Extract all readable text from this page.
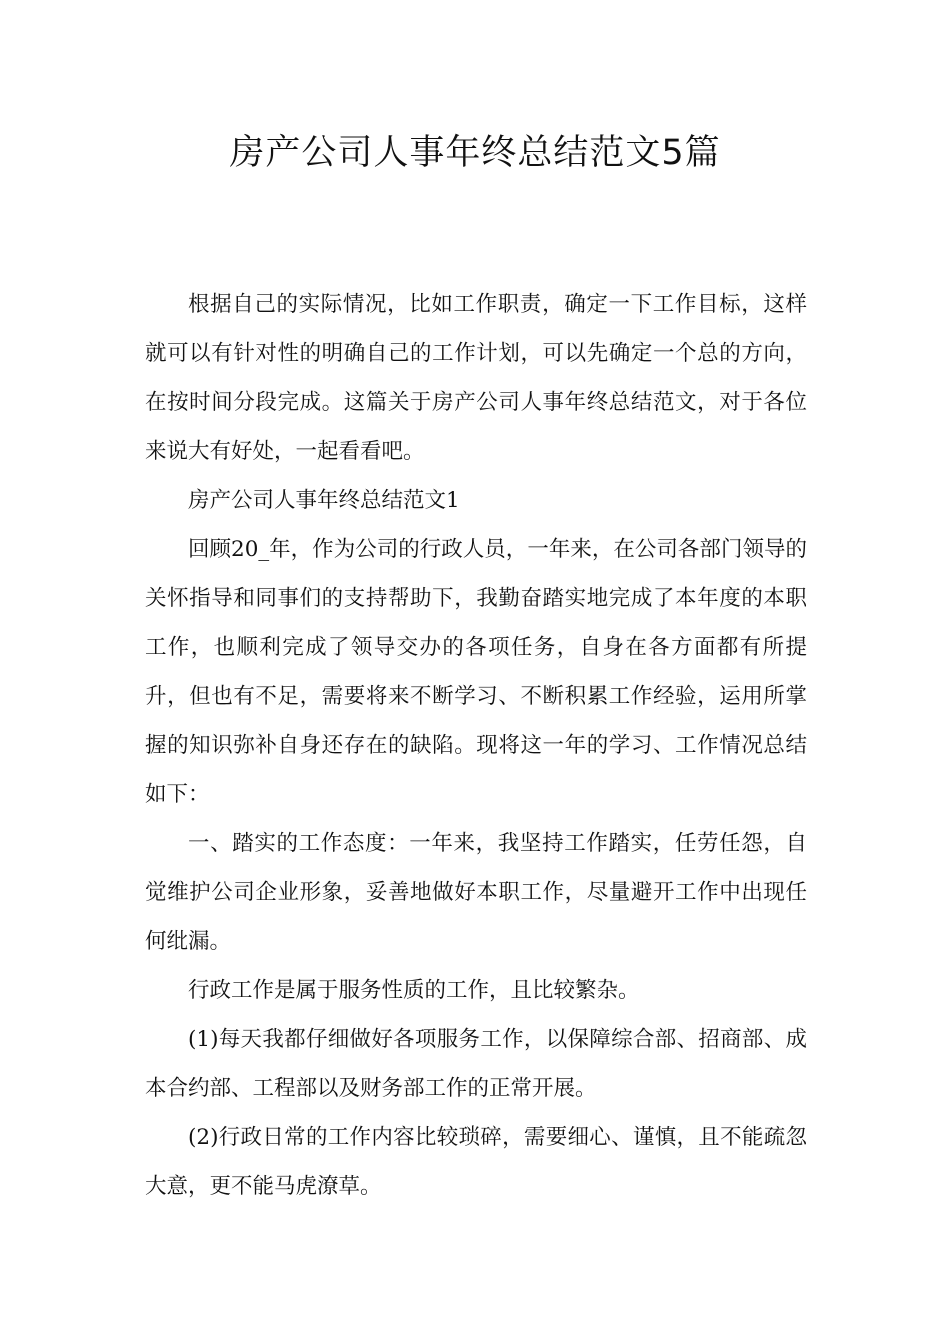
房产公司人事年终总结范文5篇

根据自己的实际情况，比如工作职责，确定一下工作目标，这样就可以有针对性的明确自己的工作计划，可以先确定一个总的方向，在按时间分段完成。这篇关于房产公司人事年终总结范文，对于各位来说大有好处，一起看看吧。

房产公司人事年终总结范文1

回顾20_年，作为公司的行政人员，一年来，在公司各部门领导的关怀指导和同事们的支持帮助下，我勤奋踏实地完成了本年度的本职工作，也顺利完成了领导交办的各项任务，自身在各方面都有所提升，但也有不足，需要将来不断学习、不断积累工作经验，运用所掌握的知识弥补自身还存在的缺陷。现将这一年的学习、工作情况总结如下：

一、踏实的工作态度：一年来，我坚持工作踏实，任劳任怨，自觉维护公司企业形象，妥善地做好本职工作，尽量避开工作中出现任何纰漏。

行政工作是属于服务性质的工作，且比较繁杂。

(1)每天我都仔细做好各项服务工作，以保障综合部、招商部、成本合约部、工程部以及财务部工作的正常开展。

(2)行政日常的工作内容比较琐碎，需要细心、谨慎，且不能疏忽大意，更不能马虎潦草。
